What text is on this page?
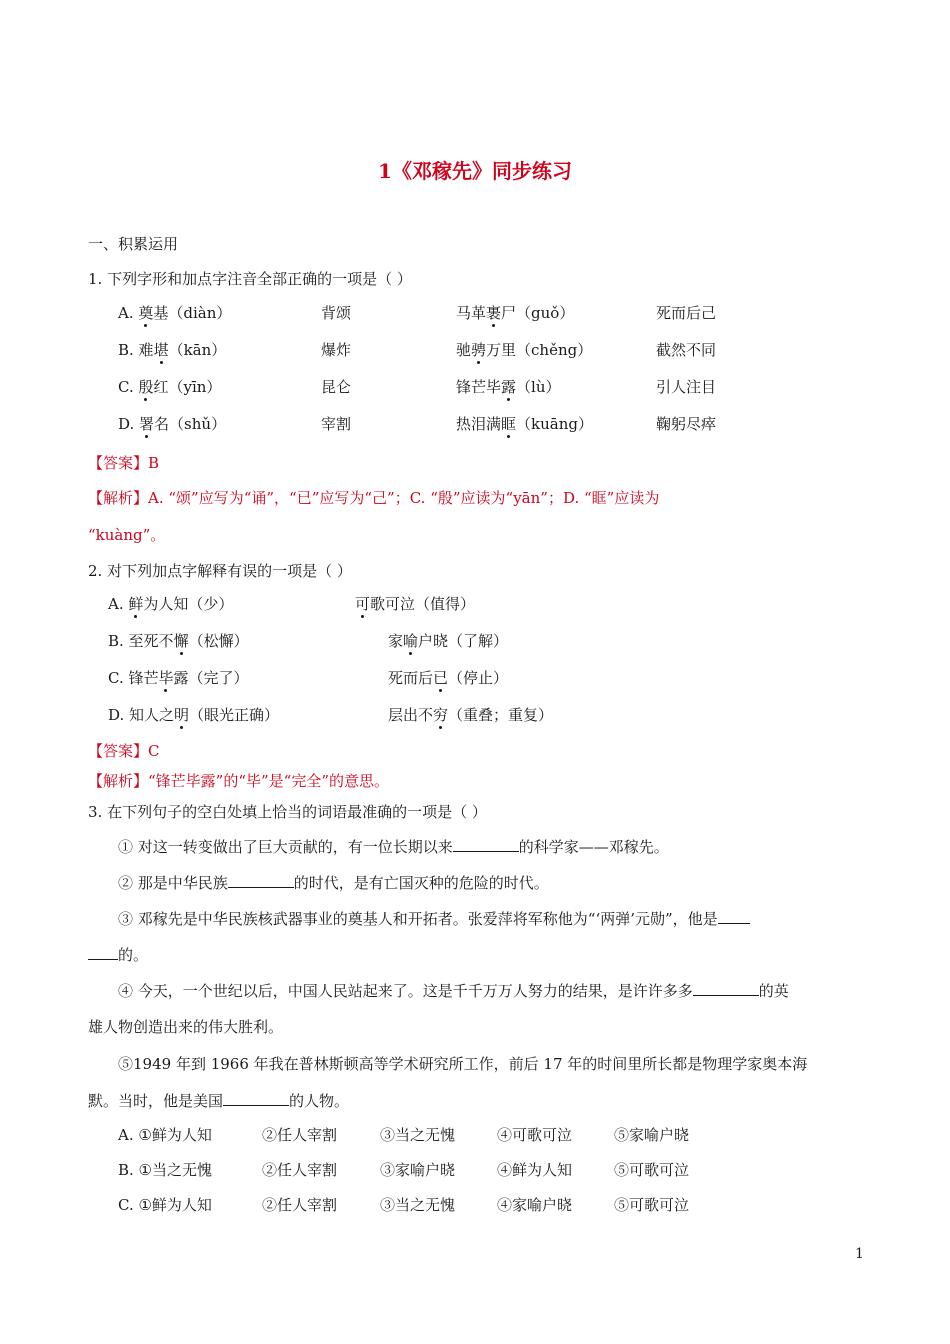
1《邓稼先》同步练习
一、积累运用
1. 下列字形和加点字注音全部正确的一项是（ ）
A. 奠基（diàn）	背颂	马革裹尸（guǒ）	死而后己
B. 难堪（kān）	爆炸	驰骋万里（chěng）	截然不同
C. 殷红（yīn）	昆仑	锋芒毕露（lù）	引人注目
D. 署名（shǔ）	宰割	热泪满眶（kuāng）	鞠躬尽瘁
【答案】B
【解析】A. “颂”应写为“诵”，“已”应写为“己”；C. “殷”应读为“yān”；D. “眶”应读为
“kuàng”。
2. 对下列加点字解释有误的一项是（ ）
A. 鲜为人知（少）	可歌可泣（值得）
B. 至死不懈（松懈）	家喻户晓（了解）
C. 锋芒毕露（完了）	死而后已（停止）
D. 知人之明（眼光正确）	层出不穷（重叠；重复）
【答案】C
【解析】“锋芒毕露”的“毕”是“完全”的意思。
3. 在下列句子的空白处填上恰当的词语最准确的一项是（ ）
① 对这一转变做出了巨大贡献的，有一位长期以来	的科学家——邓稼先。
② 那是中华民族	的时代，是有亡国灭种的危险的时代。
③ 邓稼先是中华民族核武器事业的奠基人和开拓者。张爱萍将军称他为“‘两弹’元勋”，他是
的。
④ 今天，一个世纪以后，中国人民站起来了。这是千千万万人努力的结果，是许许多多	的英
雄人物创造出来的伟大胜利。
⑤1949 年到 1966 年我在普林斯顿高等学术研究所工作，前后 17 年的时间里所长都是物理学家奥本海
默。当时，他是美国	的人物。
A. ①鲜为人知	②任人宰割	③当之无愧	④可歌可泣	⑤家喻户晓
B. ①当之无愧	②任人宰割	③家喻户晓	④鲜为人知	⑤可歌可泣
C. ①鲜为人知	②任人宰割	③当之无愧	④家喻户晓	⑤可歌可泣
1
